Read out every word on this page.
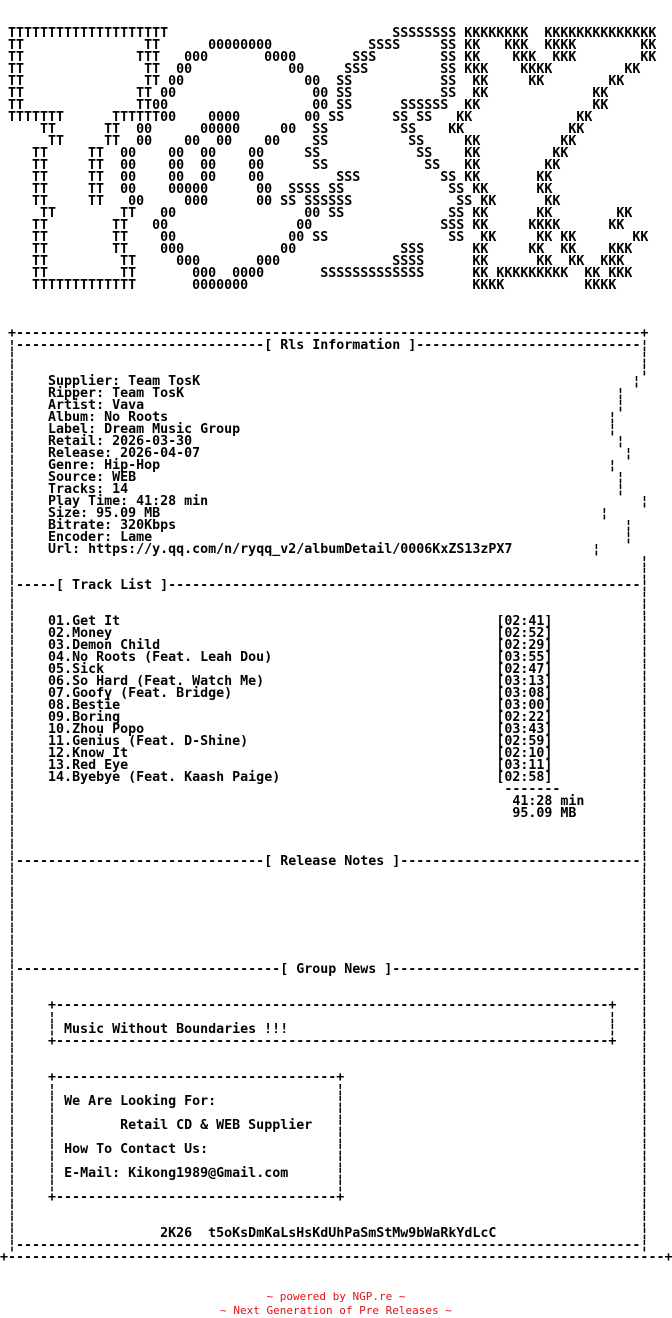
TTTTTTTTTTTTTTTTTTTT                            SSSSSSSS KKKKKKKK  KKKKKKKKKKKKKK
TT               TT      00000000            SSSS     SS KK   KKK  KKKK        KK
TT              TTT   000       0000       SSS        SS KK    KKK  KKK        KK
TT               TT  00            00     SSS         SS KKK    KKKK         KK
TT               TT 00               00  SS           SS  KK     KK        KK
TT              TT 00                 00 SS           SS  KK             KK
TT              TT00                  00 SS      SSSSSS  KK              KK
TTTTTTT      TTTTTT00    0000        00 SS      SS SS   KK             KK
TT      TT  00      00000     00  SS         SS    KK             KK
TT     TT  00    00  00    00    SS          SS     KK          KK
TT     TT  00    00  00    00     SS            SS    KK         KK
TT     TT  00    00  00    00      SS            SS   KK        KK
TT     TT  00    00  00    00         SSS          SS KK       KK
TT     TT  00    00000      00  SSSS SS             SS KK      KK
TT     TT   00     000      00 SS SSSSSS             SS KK      KK
TT        TT   00                00 SS             SS KK      KK        KK
TT        TT   00                00                SSS KK     KKKK      KK
TT        TT    00              00 SS               SS  KK     KK KK       KK
TT        TT    000            00             SSS      KK     KK  KK    KKK
TT         TT     000       000              SSSS      KK      KK  KK  KKK
TT         TT       000  0000       SSSSSSSSSSSSS      KK KKKKKKKKK  KK KKK
TTTTTTTTTTTTT       0000000                            KKKK          KKKK

+------------------------------------------------------------------------------+
¦-------------------------------[ Rls Information ]----------------------------¦
¦                                                                              ¦
¦                                                                              ¦
¦    Supplier: Team TosK                                                      ¦
¦    Ripper: Team TosK                                                      ¦
¦    Artist: Vava                                                           ¦
¦    Album: No Roots                                                       ¦
¦    Label: Dream Music Group                                              ¦
¦    Retail: 2026-03-30                                                     ¦
¦    Release: 2026-04-07                                                     ¦
¦    Genre: Hip-Hop                                                        ¦
¦    Source: WEB                                                            ¦
¦    Tracks: 14                                                             ¦
¦    Play Time: 41:28 min                                                      ¦
¦    Size: 95.09 MB                                                       ¦
¦    Bitrate: 320Kbps                                                        ¦
¦    Encoder: Lame                                                           ¦
¦    Url: https://y.qq.com/n/ryqq_v2/albumDetail/0006KxZS13zPX7          ¦
¦                                                                              ¦
¦                                                                              ¦
¦-----[ Track List ]-----------------------------------------------------------¦
¦                                                                              ¦
¦                                                                              ¦
¦    01.Get It	[02:41]           ¦
¦    02.Money	[02:52]           ¦
¦    03.Demon Child	[02:29]           ¦
¦    04.No Roots (Feat. Leah Dou)	[03:55]           ¦
¦    05.Sick	[02:47]           ¦
¦    06.So Hard (Feat. Watch Me)	[03:13]           ¦
¦    07.Goofy (Feat. Bridge)	[03:08]           ¦
¦    08.Bestie	[03:00]           ¦
¦    09.Boring	[02:22]           ¦
¦    10.Zhou Popo	[03:43]           ¦
¦    11.Genius (Feat. D-Shine)	[02:59]           ¦
¦    12.Know It	[02:10]           ¦
¦    13.Red Eye	[03:11]           ¦
¦    14.Byebye (Feat. Kaash Paige)	[02:58]           ¦
¦                                                             -------          ¦
¦                                                              41:28 min       ¦
¦                                                              95.09 MB        ¦
¦                                                                              ¦
¦                                                                              ¦
¦                                                                              ¦
¦-------------------------------[ Release Notes ]------------------------------¦
¦                                                                              ¦
¦                                                                              ¦
¦                                                                              ¦
¦                                                                              ¦
¦                                                                              ¦
¦                                                                              ¦
¦                                                                              ¦
¦                                                                              ¦
¦---------------------------------[ Group News ]-------------------------------¦
¦                                                                              ¦
¦                                                                              ¦
¦    +---------------------------------------------------------------------+   ¦
¦    ¦                                                                     ¦   ¦
¦    ¦ Music Without Boundaries !!!                                        ¦   ¦
¦    +---------------------------------------------------------------------+   ¦
¦                                                                              ¦
¦                                                                              ¦
¦    +-----------------------------------+                                     ¦
¦    ¦                                   ¦                                     ¦
¦    ¦ We Are Looking For:               ¦                                     ¦
¦    ¦                                   ¦                                     ¦
¦    ¦	Retail CD & WEB Supplier   ¦                                     ¦
¦    ¦                                   ¦                                     ¦
¦    ¦ How To Contact Us:                ¦                                     ¦
¦    ¦                                   ¦                                     ¦
¦    ¦ E-Mail: Kikong1989@Gmail.com      ¦                                     ¦
¦    ¦                                   ¦                                     ¦
¦    +-----------------------------------+                                     ¦
¦                                                                              ¦
¦                                                                              ¦
¦                  2K26 t5oKsDmKaLsHsKdUhPaSmStMw9bWaRkYdLcC                  ¦
¦------------------------------------------------------------------------------¦
+----------------------------------------------------------------------------------+

~ powered by NGP.re ~
~ Next Generation of Pre Releases ~
